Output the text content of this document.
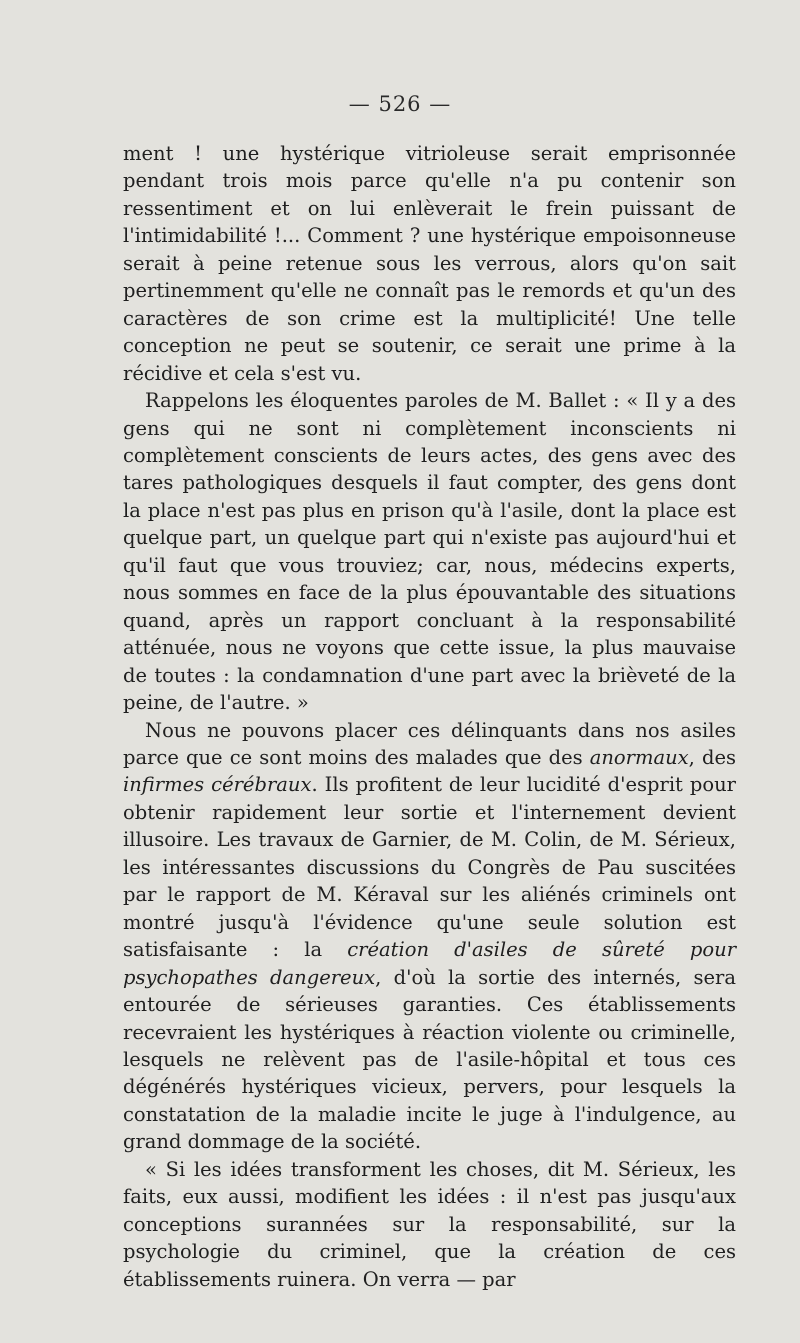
— 526 —

ment ! une hystérique vitrioleuse serait emprisonnée pendant trois mois parce qu'elle n'a pu contenir son ressentiment et on lui enlèverait le frein puissant de l'intimidabilité !... Comment ? une hystérique empoisonneuse serait à peine retenue sous les verrous, alors qu'on sait pertinemment qu'elle ne connaît pas le remords et qu'un des caractères de son crime est la multiplicité! Une telle conception ne peut se soutenir, ce serait une prime à la récidive et cela s'est vu.

Rappelons les éloquentes paroles de M. Ballet : « Il y a des gens qui ne sont ni complètement inconscients ni complètement conscients de leurs actes, des gens avec des tares pathologiques desquels il faut compter, des gens dont la place n'est pas plus en prison qu'à l'asile, dont la place est quelque part, un quelque part qui n'existe pas aujourd'hui et qu'il faut que vous trouviez; car, nous, médecins experts, nous sommes en face de la plus épouvantable des situations quand, après un rapport concluant à la responsabilité atténuée, nous ne voyons que cette issue, la plus mauvaise de toutes : la condamnation d'une part avec la brièveté de la peine, de l'autre. »

Nous ne pouvons placer ces délinquants dans nos asiles parce que ce sont moins des malades que des anormaux, des infirmes cérébraux. Ils profitent de leur lucidité d'esprit pour obtenir rapidement leur sortie et l'internement devient illusoire. Les travaux de Garnier, de M. Colin, de M. Sérieux, les intéressantes discussions du Congrès de Pau suscitées par le rapport de M. Kéraval sur les aliénés criminels ont montré jusqu'à l'évidence qu'une seule solution est satisfaisante : la création d'asiles de sûreté pour psychopathes dangereux, d'où la sortie des internés, sera entourée de sérieuses garanties. Ces établissements recevraient les hystériques à réaction violente ou criminelle, lesquels ne relèvent pas de l'asile-hôpital et tous ces dégénérés hystériques vicieux, pervers, pour lesquels la constatation de la maladie incite le juge à l'indulgence, au grand dommage de la société.

« Si les idées transforment les choses, dit M. Sérieux, les faits, eux aussi, modifient les idées : il n'est pas jusqu'aux conceptions surannées sur la responsabilité, sur la psychologie du criminel, que la création de ces établissements ruinera. On verra — par
